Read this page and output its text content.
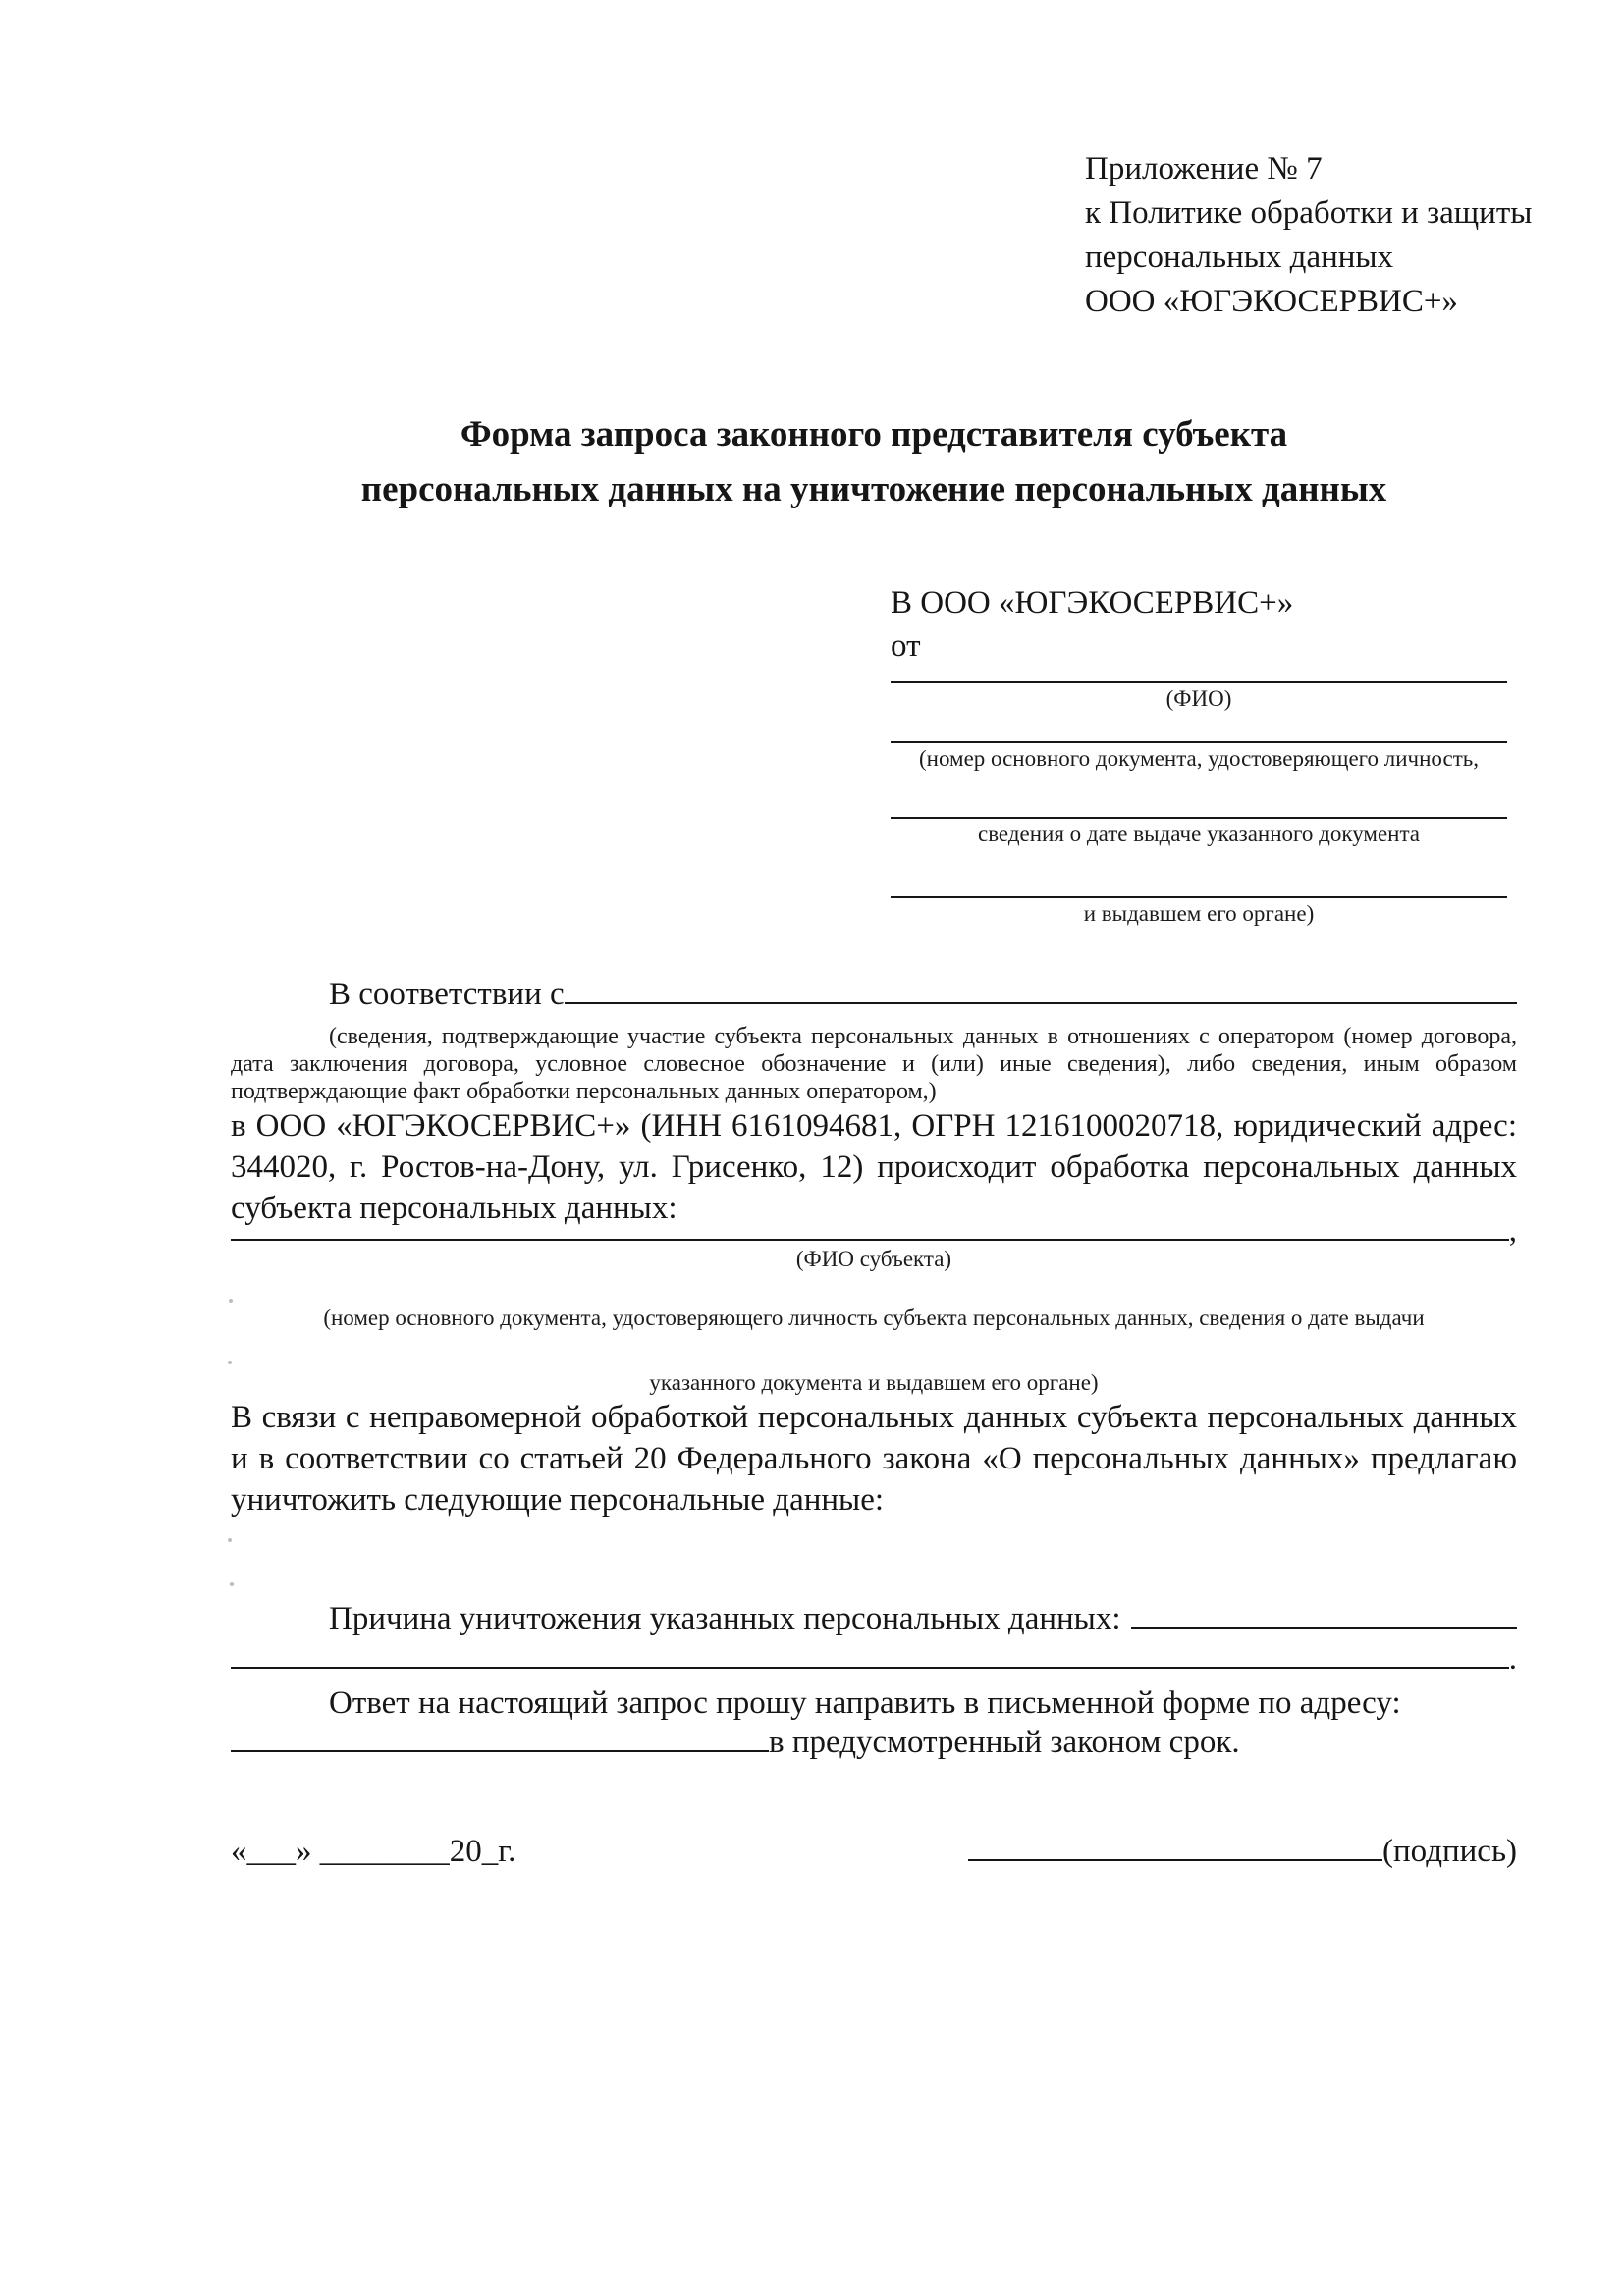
Приложение № 7
к Политике обработки и защиты
персональных данных
ООО «ЮГЭКОСЕРВИС+»
Форма запроса законного представителя субъекта
персональных данных на уничтожение персональных данных
В ООО «ЮГЭКОСЕРВИС+»
от
(ФИО)
(номер основного документа, удостоверяющего личность,
сведения о дате выдаче указанного документа
и выдавшем его органе)
В соответствии с
(сведения, подтверждающие участие субъекта персональных данных в отношениях с оператором (номер договора, дата заключения договора, условное словесное обозначение и (или) иные сведения), либо сведения, иным образом подтверждающие факт обработки персональных данных оператором,)
в ООО «ЮГЭКОСЕРВИС+» (ИНН 6161094681, ОГРН 1216100020718, юридический адрес: 344020, г. Ростов-на-Дону, ул. Грисенко, 12) происходит обработка персональных данных субъекта персональных данных:
,
(ФИО субъекта)
(номер основного документа, удостоверяющего личность субъекта персональных данных, сведения о дате выдачи
указанного документа и выдавшем его органе)
В связи с неправомерной обработкой персональных данных субъекта персональных данных и в соответствии со статьей 20 Федерального закона «О персональных данных» предлагаю уничтожить следующие персональные данные:
Причина уничтожения указанных персональных данных:
.
Ответ на настоящий запрос прошу направить в письменной форме по адресу:
в предусмотренный законом срок.
«___» ________20_г.	(подпись)
